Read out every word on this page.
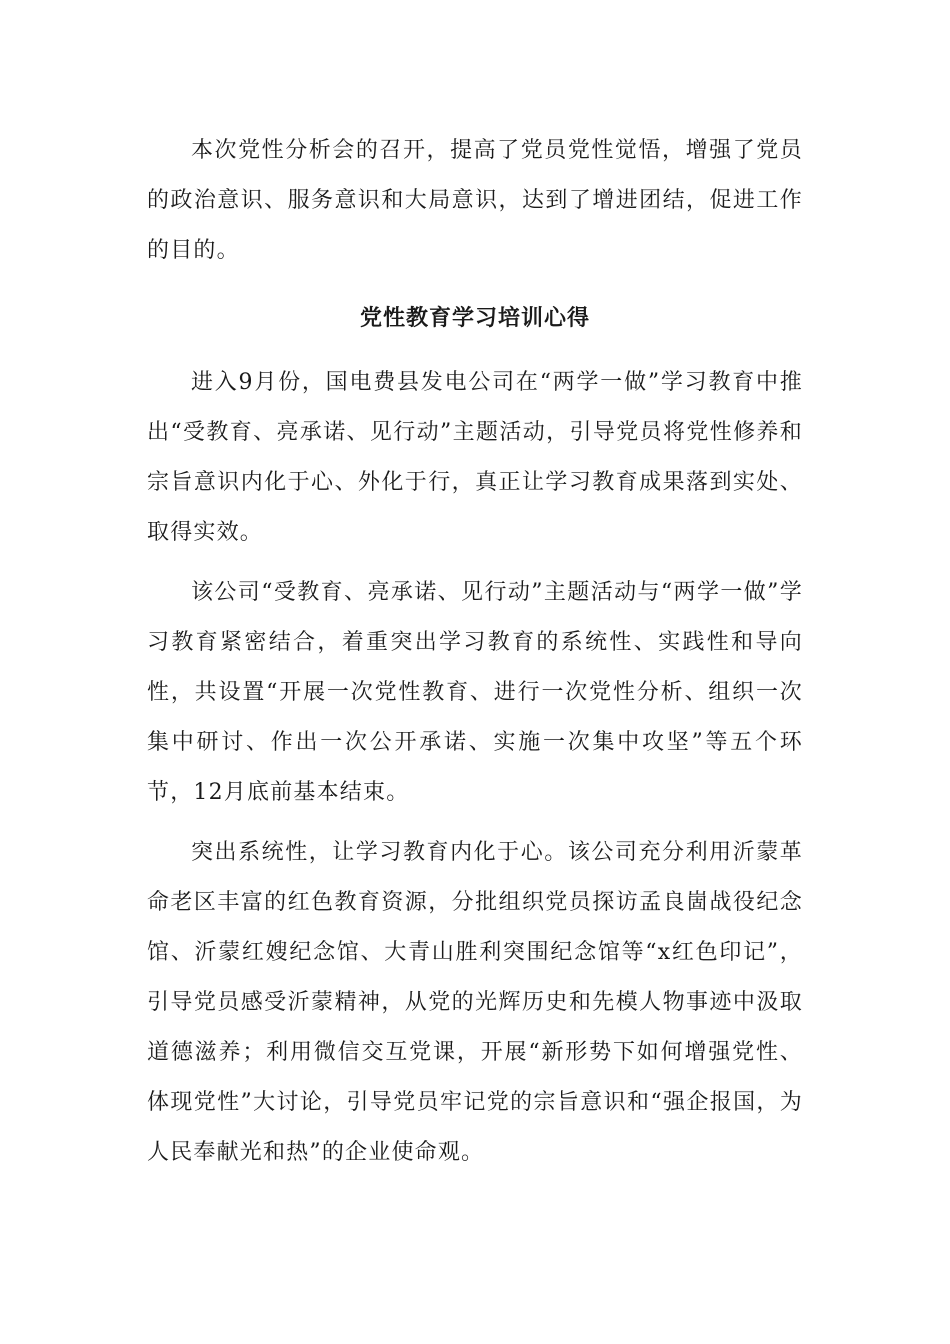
本次党性分析会的召开，提高了党员党性觉悟，增强了党员的政治意识、服务意识和大局意识，达到了增进团结，促进工作的目的。

党性教育学习培训心得

进入9月份，国电费县发电公司在“两学一做”学习教育中推出“受教育、亮承诺、见行动”主题活动，引导党员将党性修养和宗旨意识内化于心、外化于行，真正让学习教育成果落到实处、取得实效。

该公司“受教育、亮承诺、见行动”主题活动与“两学一做”学习教育紧密结合，着重突出学习教育的系统性、实践性和导向性，共设置“开展一次党性教育、进行一次党性分析、组织一次集中研讨、作出一次公开承诺、实施一次集中攻坚”等五个环节，12月底前基本结束。

突出系统性，让学习教育内化于心。该公司充分利用沂蒙革命老区丰富的红色教育资源，分批组织党员探访孟良崮战役纪念馆、沂蒙红嫂纪念馆、大青山胜利突围纪念馆等“x红色印记”，引导党员感受沂蒙精神，从党的光辉历史和先模人物事迹中汲取道德滋养；利用微信交互党课，开展“新形势下如何增强党性、体现党性”大讨论，引导党员牢记党的宗旨意识和“强企报国，为人民奉献光和热”的企业使命观。
